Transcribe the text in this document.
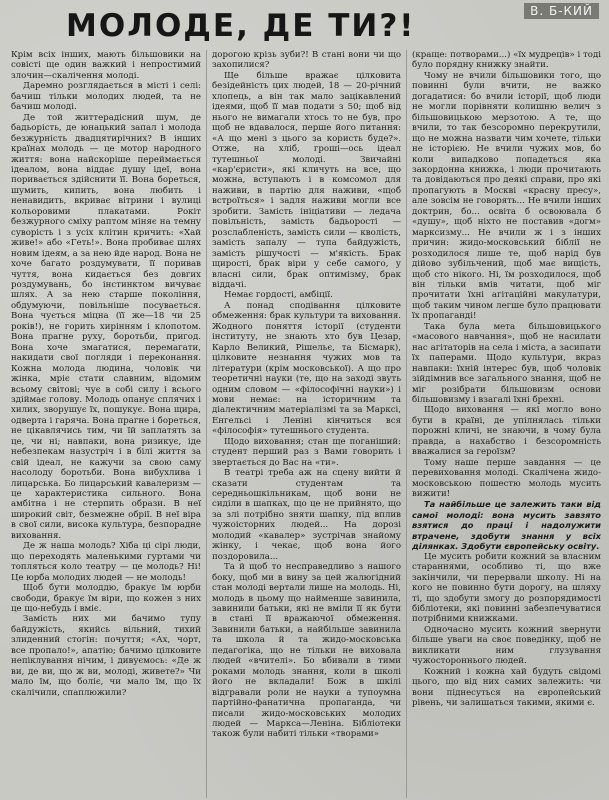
МОЛОДЕ, ДЕ ТИ?!	В. Б-КИЙ

Крім всіх інших, мають більшовики на совісті ще один важкий і непростимий злочин—скалічення молоді.

Даремно розглядається в місті і селі: бачиш тільки молодих людей, та не бачиш молоді.

Де той життерадісний шум, де бадьорість, де юнацький запал і молода безжурність двадцятирічних? В інших країнах молодь — це мотор народного життя: вона найскоріше переймається ідеалом, вона віддає душу ідеї, вона поривається здійснити її. Вона бореться, шумить, кипить, вона любить і ненавидить, вкриває вітрини і вулиці кольоровими плакатами. Рокіт безжурного сміху раптом міняє на темну суворість і з усіх клітин кричить: «Хай живе!» або «Геть!». Вона пробиває шлях новим ідеям, а за нею йде народ. Вона не хоче багато роздумувати, її поривав чуття, вона кидається без довгих роздумувань, бо інстинктом вичуває шлях. А за нею старше покоління, обдумуючи, повільніше посувається. Вона чується міцна (її же—18 чи 25 років!), не горить хирінням і клопотом. Вона прагне руху, боротьби, пригод. Вона хоче змагатися, перемагати, накидати свої погляди і переконання. Кожна молода людина, чоловік чи жінка, мріє стати славним, відомим всьому світові; чує в собі силу і всього здіймає голову. Молодь опанує сплячих і хилих, зворушує їх, пошукує. Вона щира, одверта і гаряча. Вона прагне і бореться, не цікавлячись тим, чи їй заплатять за це, чи ні; навпаки, вона ризикує, іде небезпекам назустріч і в білі життя за свій ідеал, не кажучи за свою саму насолоду боротьби. Вона вибухлива і лицарська. Бо лицарський кавалеризм — це характеристика сильного. Вона амбітна і не стерпить образи. В неї широкий світ, безмежне обрії. В неї віра в свої сили, висока культура, безпорадне виховання.

Де ж наша молодь? Хіба ці сірі люди, що переходять маленькими гуртами чи топляться коло театру — це молодь? Ні! Це юрба молодих людей — не молодь!

Щоб бути молоддю, бракує їм юрби свободи, бракує їм віри, що кожен з них це що-небудь і вміє.

Замість них ми бачимо тупу байдужість, якийсь вільний, тихий злиденний стогін: почуття; «Ах, чорт, все пропало!», апатію; бачимо цілковите непіклування нічим, і дивуємось: «Де ж ви, де ви, що ж ви, молоді, живете?» Чи мало їм, що боліє, чи мало їм, що їх скалічили, спаплюжили?

дорогою крізь зуби?! В стані вони чи що захопилися?

Ще більше вражає цілковита безідейність цих людей, 18 — 20-річний хлопець, а він так мало зацікавлений ідеями, щоб її мав подати з 50; щоб від нього не вимагали хтось то не був, про щоб не вдавалося, перше його питання: «А що мені з цього за користь буде?». Отже, на хліб, гроші—ось ідеал тутешньої молоді. Звичайні «кар'єристи», які кличуть на все, що можна, вступають і в комсомол для наживи, в партію для наживи, «щоб встроїться» і задля наживи могли все зробити. Замість ініціативи — ледача повільність, замість бадьорості — розслабленість, замість сили — кволість, замість запалу — тупа байдужість, замість рішучості — м'якість. Брак щирості, брак віри у себе самого, у власні сили, брак оптимізму, брак віддачі.

Немає гордості, амбіції.

А понад сподівання цілковите обмеження: брак культури та виховання. Жодного поняття історії (студенти інституту, не знають хто був Цезар, Карло Великий, Рішельє, та Бісмарк), цілковите незнання чужих мов та літератури (крім московської). А що про теоретичні науки (те, що на заході звуть одним словом — «філософічні науки») і мови немає: на історичним та діалектичним матеріалізмі та за Марксі, Енгельсі і Леніні кінчиться вся «філософія» тутешнього студента.

Щодо виховання; стан ще поганіший: студент перший раз з Вами говорить і звертається до Вас на «ти».

В театрі треба аж на сцену вийти й сказати студентам та середньошкільникам, щоб вони не сиділи в шапках, що це не прийнято, що за злі потрібно зняти шапку, під вплив чужоісторних людей... На дорозі молодий «кавалер» зустрічав знайому жінку, і чекає, щоб вона його поздоровила...

Та й щоб то несправедливо з нашого боку, щоб ми в вину за цей жалюгідний стан молоді вертали лише на молодь. Ні, молодь в цьому що найменше завинила, завинили батьки, які не вміли її як бути в стані її вражаючої обмеження. Завинили батьки, а найбільше завинила та школа й та жидо-московська педагогіка, що не тільки не виховала людей «вчителі». Бо вбивали в тими роками молодь знання, коли в школі його не вкладали! Бож в шкілі відгравали роли не науки а тупоумна партійно-фанатична пропаганда, чи писали жидо-московських молодих людей — Маркса—Леніна. Бібліотеки також були набиті тільки «творами»

(краще: потворами...) «їх мудреців» і тоді було порядну книжку знайти.

Чому не вчили більшовики того, що повинні були вчити, не важко догадатися: бо вчили історії, щоб люди не могли порівняти колишню велич з більшовицькою мерзотою. А те, що вчили, то так безсоромно перекрутили, що не можна назвати чим хочете, тільки не історією. Не вчили чужих мов, бо коли випадково попадеться яка закордонна книжка, і люди прочитають та довідаються про деякі справи, про які пропагують в Москві «красну пресу», але зовсім не говорять... Не вчили інших доктрин, бо... освіта б освоювала б «душу», щоб ніхто не поставив «догм» марксизму... Не вчили ж і з інших причин: жидо-московський біблії не розходилося лише те, щоб нарід був дійово зубільчений, щоб має вищість, щоб сто нікого. Ні, їм розходилося, щоб він тільки вмів читати, щоб міг прочитати їхні агітаційні макулатури, щоб таким чином легше було працювати їх пропаганді!

Така була мета більшовицького «масового навчання», щоб не насилати нас агітаторів на села і міста, а засипати їх паперами. Щодо культури, вкраз навпаки: їхній інтерес був, щоб чоловік зійдімнив все загального знання, щоб не міг розібрати більшовизм основи більшовизму і взагалі їхні брехні.

Щодо виховання — які могло воно бути в країні, де упілнялась тільки порожні кличі, не знаючи, в чому була правда, а нахабство і безсоромність вважалися за героїзм?

Тому наше перше завдання — це перевиховання молоді. Скалічена жидо-московською пошестю молодь мусить вижити!

Та найбільше це залежить таки від самої молоді: вона мусить завзято взятися до праці і надолужити втрачене, здобути знання у всіх ділянках. Здобути європейську освіту.

Це мусить робити кожний за власним стараннями, особливо ті, що вже закінчили, чи перервали школу. Ні на кого не повинно бути дорогу, на шляху ті, що здобути змогу до розпорядимості бібліотеки, які повинні забезпечуватися потрібними книжками.

Одночасно мусить кожний звернути більше уваги на своє поведінку, щоб не викликати ним глузування чужостороннього людей.

Кожний і кожна хай будуть свідомі цього, що від них самих залежить: чи вони піднесуться на європейський рівень, чи залишаться такими, якими є.
